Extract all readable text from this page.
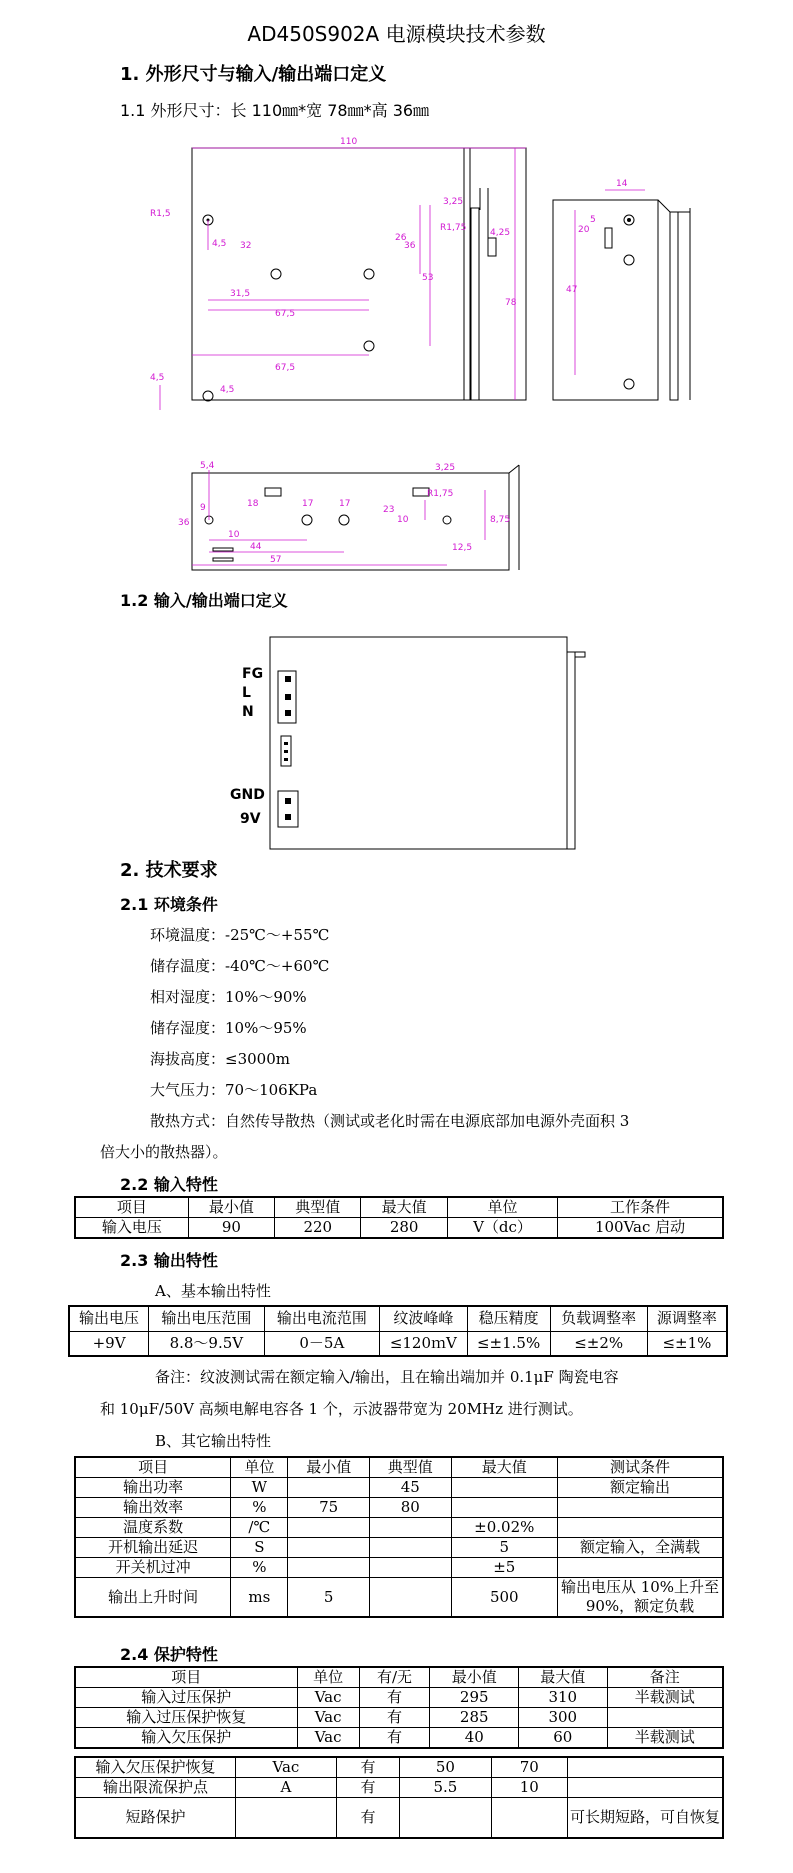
AD450S902A 电源模块技术参数
1. 外形尺寸与输入/输出端口定义
1.1 外形尺寸：长 110㎜*宽 78㎜*高 36㎜
110
14
R1,5
3,25
4,5 32
26
36
53
78
R1,75	4,25	20
5
47
31,5
67,5
67,5
4,5
4,5
5,4
9	18	17	17
36
10
44
57
23
10
3,25
R1,75
8,75
12,5
FG
L
N
GND
9V
1.2 输入/输出端口定义
2. 技术要求
2.1 环境条件
环境温度：-25℃～+55℃
储存温度：-40℃～+60℃
相对湿度：10%～90%
储存湿度：10%～95%
海拔高度：≤3000m
大气压力：70～106KPa
散热方式：自然传导散热（测试或老化时需在电源底部加电源外壳面积 3
倍大小的散热器）。
2.2 输入特性
项目	最小值	典型值	最大值	单位	工作条件
输入电压	90	220	280	V（dc）	100Vac 启动
2.3 输出特性
A、基本输出特性
输出电压	输出电压范围	输出电流范围	纹波峰峰	稳压精度	负载调整率	源调整率
+9V	8.8～9.5V	0－5A	≤120ｍV	≤±1.5%	≤±2%	≤±1%
备注：纹波测试需在额定输入/输出，且在输出端加并 0.1μF 陶瓷电容
和 10μF/50V 高频电解电容各 1 个，示波器带宽为 20MHz 进行测试。
B、其它输出特性
项目	单位	最小值	典型值	最大值	测试条件
输出功率	W		45		额定输出
输出效率	%	75	80		
温度系数	/℃			±0.02%	
开机输出延迟	S			5	额定输入，全满载
开关机过冲	%			±5	
输出上升时间	ms	5		500	输出电压从 10%上升至 90%，额定负载
2.4 保护特性
项目	单位	有/无	最小值	最大值	备注
输入过压保护	Vac	有	295	310	半载测试
输入过压保护恢复	Vac	有	285	300	
输入欠压保护	Vac	有	40	60	半载测试
输入欠压保护恢复	Vac	有	50	70	
输出限流保护点	A	有	5.5	10	
短路保护		有			可长期短路，可自恢复
